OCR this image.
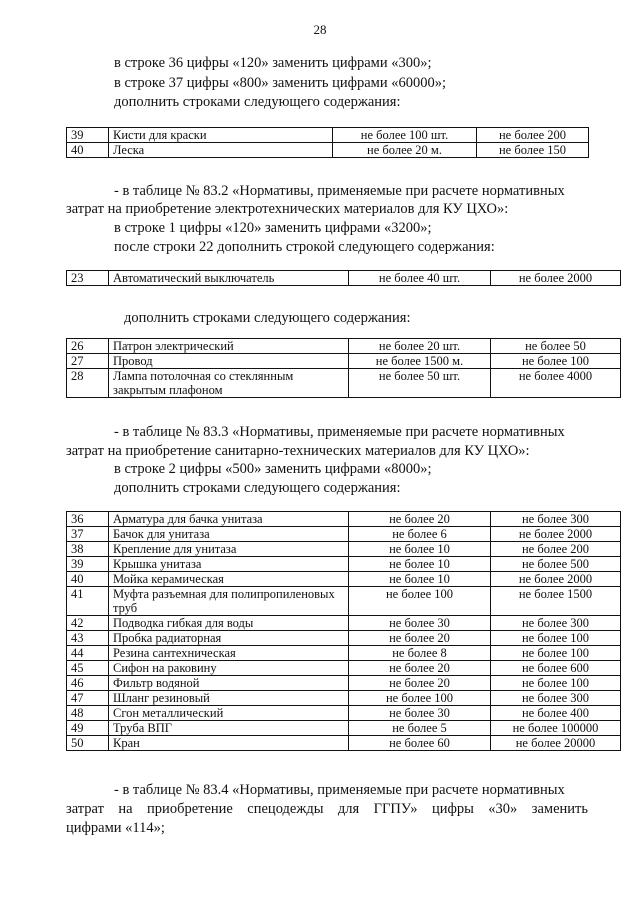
28
в строке 36 цифры «120» заменить цифрами «300»;
в строке 37 цифры «800» заменить цифрами «60000»;
дополнить строками следующего содержания:
39	Кисти для краски	не более 100 шт.	не более 200
40	Леска	не более 20 м.	не более 150
- в таблице № 83.2 «Нормативы, применяемые при расчете нормативных
затрат на приобретение электротехнических материалов для КУ ЦХО»:
в строке 1 цифры «120» заменить цифрами «3200»;
после строки 22 дополнить строкой следующего содержания:
23	Автоматический выключатель	не более 40 шт.	не более 2000
дополнить строками следующего содержания:
26	Патрон электрический	не более 20 шт.	не более 50
27	Провод	не более 1500 м.	не более 100
28	Лампа потолочная со стеклянным закрытым плафоном	не более 50 шт.	не более 4000
- в таблице № 83.3 «Нормативы, применяемые при расчете нормативных
затрат на приобретение санитарно-технических материалов для КУ ЦХО»:
в строке 2 цифры «500» заменить цифрами «8000»;
дополнить строками следующего содержания:
36	Арматура для бачка унитаза	не более 20	не более 300
37	Бачок для унитаза	не более 6	не более 2000
38	Крепление для унитаза	не более 10	не более 200
39	Крышка унитаза	не более 10	не более 500
40	Мойка керамическая	не более 10	не более 2000
41	Муфта разъемная для полипропиленовых труб	не более 100	не более 1500
42	Подводка гибкая для воды	не более 30	не более 300
43	Пробка радиаторная	не более 20	не более 100
44	Резина сантехническая	не более 8	не более 100
45	Сифон на раковину	не более 20	не более 600
46	Фильтр водяной	не более 20	не более 100
47	Шланг резиновый	не более 100	не более 300
48	Сгон металлический	не более 30	не более 400
49	Труба ВПГ	не более 5	не более 100000
50	Кран	не более 60	не более 20000
- в таблице № 83.4 «Нормативы, применяемые при расчете нормативных
затрат на приобретение спецодежды для ГГПУ» цифры «30» заменить
цифрами «114»;
